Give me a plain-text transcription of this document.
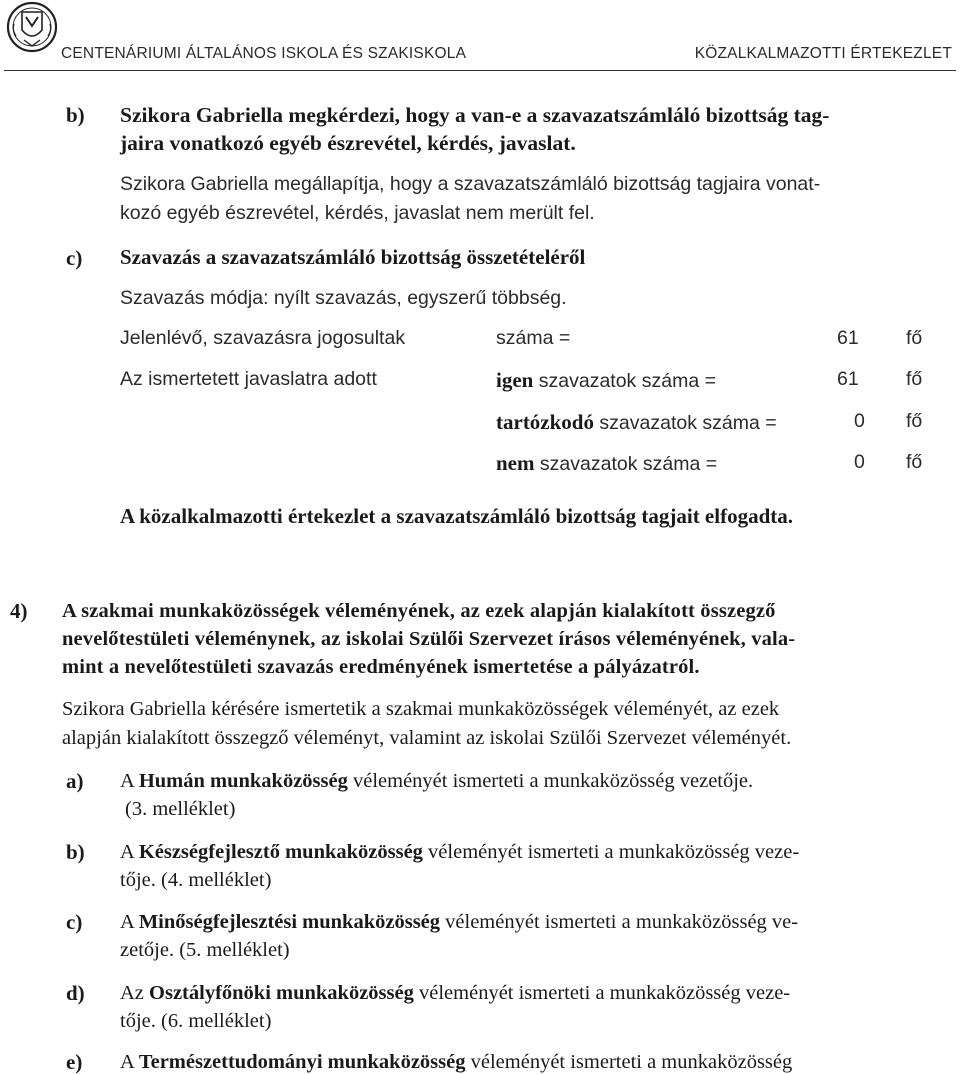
CENTENÁRIUMI ÁLTALÁNOS ISKOLA ÉS SZAKISKOLA	KÖZALKALMAZOTTI ÉRTEKEZLET
b) Szikora Gabriella megkérdezi, hogy a van-e a szavazatszámláló bizottság tag-
jaira vonatkozó egyéb észrevétel, kérdés, javaslat.
Szikora Gabriella megállapítja, hogy a szavazatszámláló bizottság tagjaira vonat-
kozó egyéb észrevétel, kérdés, javaslat nem merült fel.
c) Szavazás a szavazatszámláló bizottság összetételéről
Szavazás módja: nyílt szavazás, egyszerű többség.
Jelenlévő, szavazásra jogosultak	száma =	61 fő
Az ismertetett javaslatra adott	igen szavazatok száma =	61 fő
tartózkodó szavazatok száma =	0 fő
nem szavazatok száma =	0 fő
A közalkalmazotti értekezlet a szavazatszámláló bizottság tagjait elfogadta.
4) A szakmai munkaközösségek véleményének, az ezek alapján kialakított összegző
nevelőtestületi véleménynek, az iskolai Szülői Szervezet írásos véleményének, vala-
mint a nevelőtestületi szavazás eredményének ismertetése a pályázatról.
Szikora Gabriella kérésére ismertetik a szakmai munkaközösségek véleményét, az ezek
alapján kialakított összegző véleményt, valamint az iskolai Szülői Szervezet véleményét.
a) A Humán munkaközösség véleményét ismerteti a munkaközösség vezetője.
(3. melléklet)
b) A Készségfejlesztő munkaközösség véleményét ismerteti a munkaközösség veze-
tője. (4. melléklet)
c) A Minőségfejlesztési munkaközösség véleményét ismerteti a munkaközösség ve-
zetője. (5. melléklet)
d) Az Osztályfőnöki munkaközösség véleményét ismerteti a munkaközösség veze-
tője. (6. melléklet)
e) A Természettudományi munkaközösség véleményét ismerteti a munkaközösség
